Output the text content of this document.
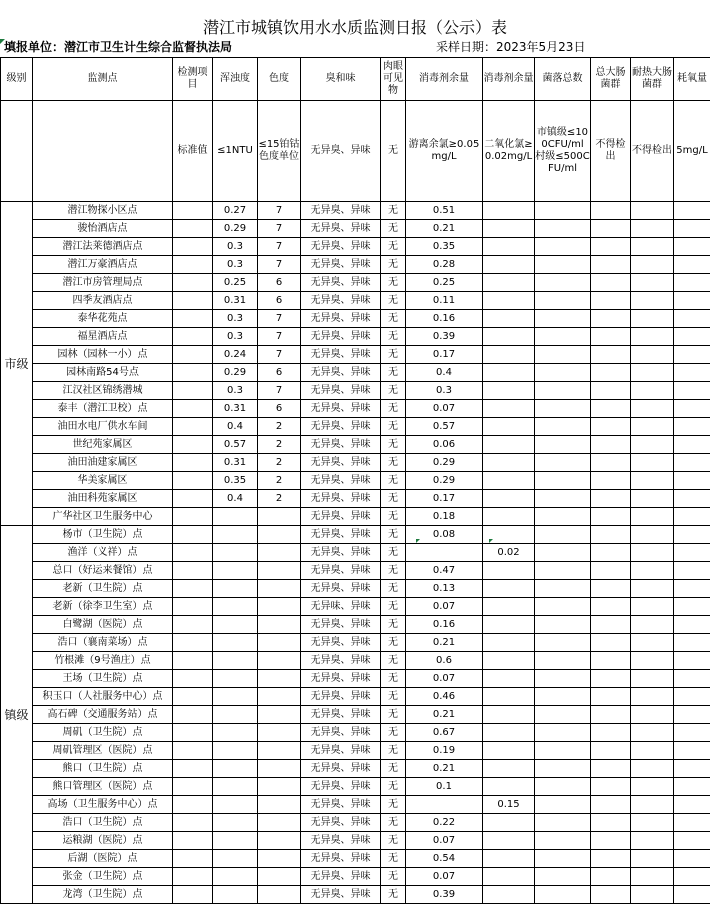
潜江市城镇饮用水水质监测日报（公示）表
填报单位：潜江市卫生计生综合监督执法局	采样日期：2023年5月23日
级别	监测点	检测项目	浑浊度	色度	臭和味	肉眼可见物	消毒剂余量	消毒剂余量	菌落总数	总大肠菌群	耐热大肠菌群	耗氧量
		标准值	≤1NTU	≤15铂钴色度单位	无异臭、异味	无	游离余氯≥0.05mg/L	二氧化氯≥0.02mg/L	市镇级≤100CFU/ml 村级≤500CFU/ml	不得检出	不得检出	5mg/L
市级	潜江物探小区点		0.27	7	无异臭、异味	无	0.51					
	骏怡酒店点		0.29	7	无异臭、异味	无	0.21					
	潜江法莱德酒店点		0.3	7	无异臭、异味	无	0.35					
	潜江万豪酒店点		0.3	7	无异臭、异味	无	0.28					
	潜江市房管理局点		0.25	6	无异臭、异味	无	0.25					
	四季友酒店点		0.31	6	无异臭、异味	无	0.11					
	泰华花苑点		0.3	7	无异臭、异味	无	0.16					
	福星酒店点		0.3	7	无异臭、异味	无	0.39					
	园林（园林一小）点		0.24	7	无异臭、异味	无	0.17					
	园林南路54号点		0.29	6	无异臭、异味	无	0.4					
	江汉社区锦绣潜城		0.3	7	无异臭、异味	无	0.3					
	泰丰（潜江卫校）点		0.31	6	无异臭、异味	无	0.07					
	油田水电厂供水车间		0.4	2	无异臭、异味	无	0.57					
	世纪苑家属区		0.57	2	无异臭、异味	无	0.06					
	油田油建家属区		0.31	2	无异臭、异味	无	0.29					
	华美家属区		0.35	2	无异臭、异味	无	0.29					
	油田科苑家属区		0.4	2	无异臭、异味	无	0.17					
	广华社区卫生服务中心				无异臭、异味	无	0.18					
镇级	杨市（卫生院）点				无异臭、异味	无	0.08					
	渔洋（义祥）点				无异臭、异味	无		0.02				
	总口（好运来餐馆）点				无异臭、异味	无	0.47					
	老新（卫生院）点				无异臭、异味	无	0.13					
	老新（徐李卫生室）点				无异味、异味	无	0.07					
	白鹭湖（医院）点				无异臭、异味	无	0.16					
	浩口（襄南菜场）点				无异臭、异味	无	0.21					
	竹根滩（9号渔庄）点				无异臭、异味	无	0.6					
	王场（卫生院）点				无异臭、异味	无	0.07					
	积玉口（人社服务中心）点				无异臭、异味	无	0.46					
	高石碑（交通服务站）点				无异臭、异味	无	0.21					
	周矶（卫生院）点				无异臭、异味	无	0.67					
	周矶管理区（医院）点				无异臭、异味	无	0.19					
	熊口（卫生院）点				无异臭、异味	无	0.21					
	熊口管理区（医院）点				无异臭、异味	无	0.1					
	高场（卫生服务中心）点				无异臭、异味	无		0.15				
	浩口（卫生院）点				无异臭、异味	无	0.22					
	运粮湖（医院）点				无异臭、异味	无	0.07					
	后湖（医院）点				无异臭、异味	无	0.54					
	张金（卫生院）点				无异臭、异味	无	0.07					
	龙湾（卫生院）点				无异臭、异味	无	0.39					
